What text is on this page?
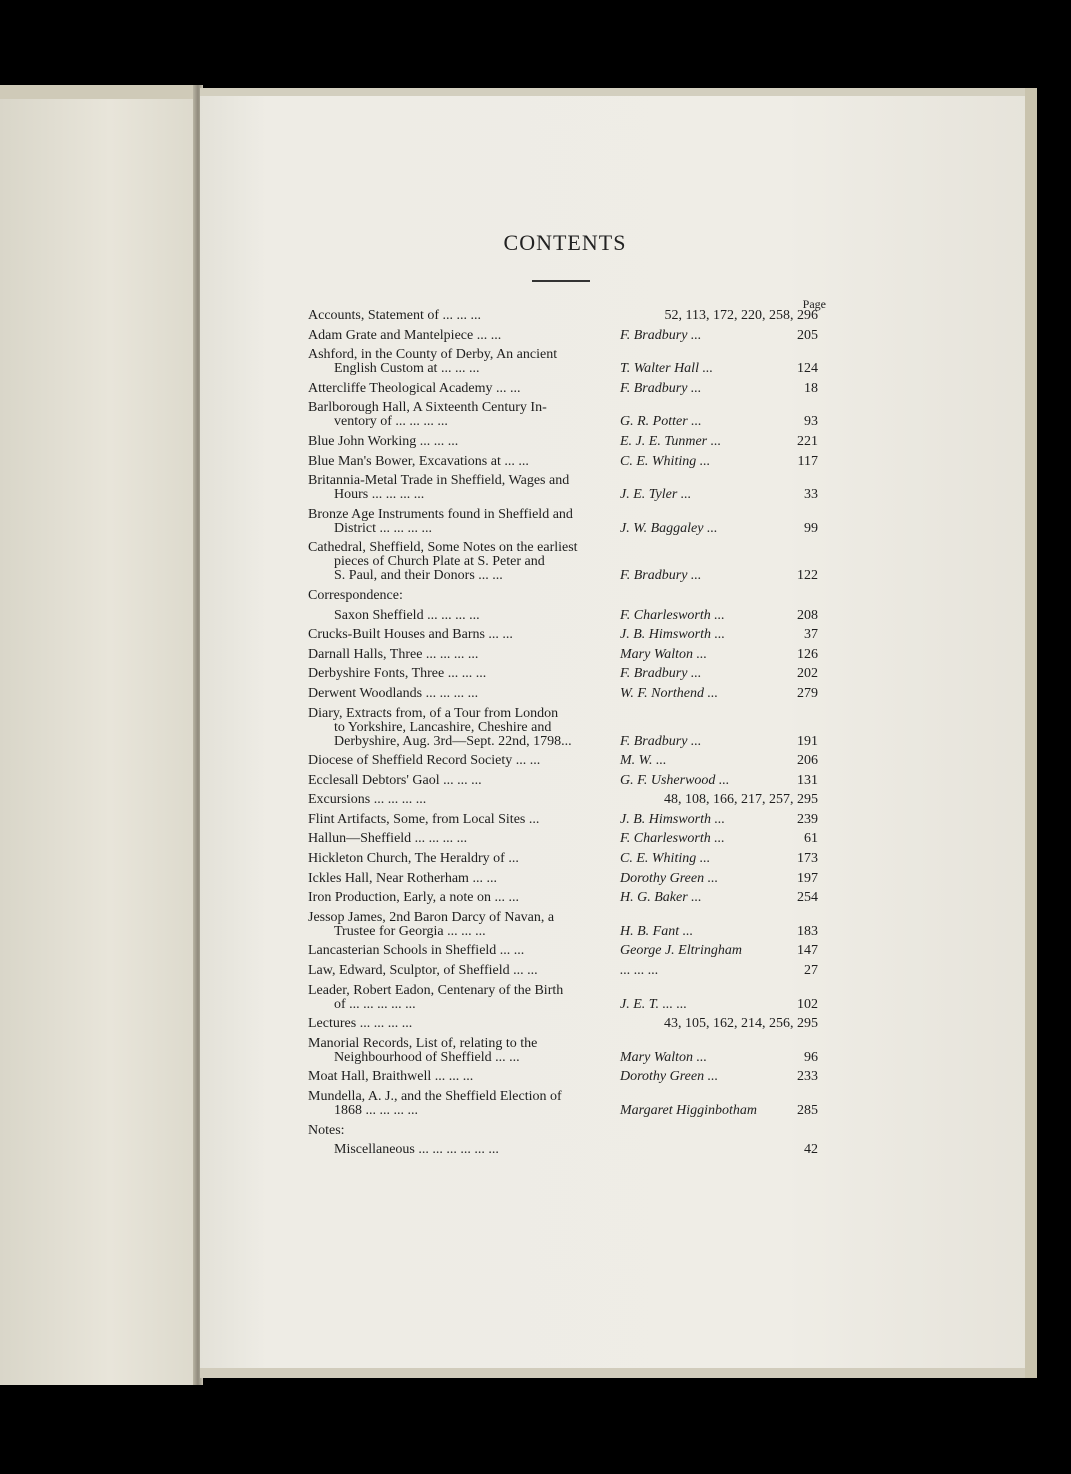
CONTENTS
Page
Accounts, Statement of ... ... ...	52, 113, 172, 220, 258, 296
Adam Grate and Mantelpiece ... ...	F. Bradbury ...	205
Ashford, in the County of Derby, An ancient
English Custom at ... ... ...	T. Walter Hall ...	124
Attercliffe Theological Academy ... ...	F. Bradbury ...	18
Barlborough Hall, A Sixteenth Century In-
ventory of ... ... ... ...	G. R. Potter ...	93
Blue John Working ... ... ...	E. J. E. Tunmer ...	221
Blue Man's Bower, Excavations at ... ...	C. E. Whiting ...	117
Britannia-Metal Trade in Sheffield, Wages and
Hours ... ... ... ...	J. E. Tyler ...	33
Bronze Age Instruments found in Sheffield and
District ... ... ... ...	J. W. Baggaley ...	99
Cathedral, Sheffield, Some Notes on the earliest
pieces of Church Plate at S. Peter and
S. Paul, and their Donors ... ...	F. Bradbury ...	122
Correspondence:
Saxon Sheffield ... ... ... ...	F. Charlesworth ...	208
Crucks-Built Houses and Barns ... ...	J. B. Himsworth ...	37
Darnall Halls, Three ... ... ... ...	Mary Walton ...	126
Derbyshire Fonts, Three ... ... ...	F. Bradbury ...	202
Derwent Woodlands ... ... ... ...	W. F. Northend ...	279
Diary, Extracts from, of a Tour from London
to Yorkshire, Lancashire, Cheshire and
Derbyshire, Aug. 3rd—Sept. 22nd, 1798...	F. Bradbury ...	191
Diocese of Sheffield Record Society ... ...	M. W. ...	206
Ecclesall Debtors' Gaol ... ... ...	G. F. Usherwood ...	131
Excursions ... ... ... ...	48, 108, 166, 217, 257, 295
Flint Artifacts, Some, from Local Sites ...	J. B. Himsworth ...	239
Hallun—Sheffield ... ... ... ...	F. Charlesworth ...	61
Hickleton Church, The Heraldry of ...	C. E. Whiting ...	173
Ickles Hall, Near Rotherham ... ...	Dorothy Green ...	197
Iron Production, Early, a note on ... ...	H. G. Baker ...	254
Jessop James, 2nd Baron Darcy of Navan, a
Trustee for Georgia ... ... ...	H. B. Fant ...	183
Lancasterian Schools in Sheffield ... ...	George J. Eltringham	147
Law, Edward, Sculptor, of Sheffield ... ...	... ... ...	27
Leader, Robert Eadon, Centenary of the Birth
of ... ... ... ... ...	J. E. T. ... ...	102
Lectures ... ... ... ...	43, 105, 162, 214, 256, 295
Manorial Records, List of, relating to the
Neighbourhood of Sheffield ... ...	Mary Walton ...	96
Moat Hall, Braithwell ... ... ...	Dorothy Green ...	233
Mundella, A. J., and the Sheffield Election of
1868 ... ... ... ...	Margaret Higginbotham	285
Notes:
Miscellaneous ... ... ... ... ... ...	42
